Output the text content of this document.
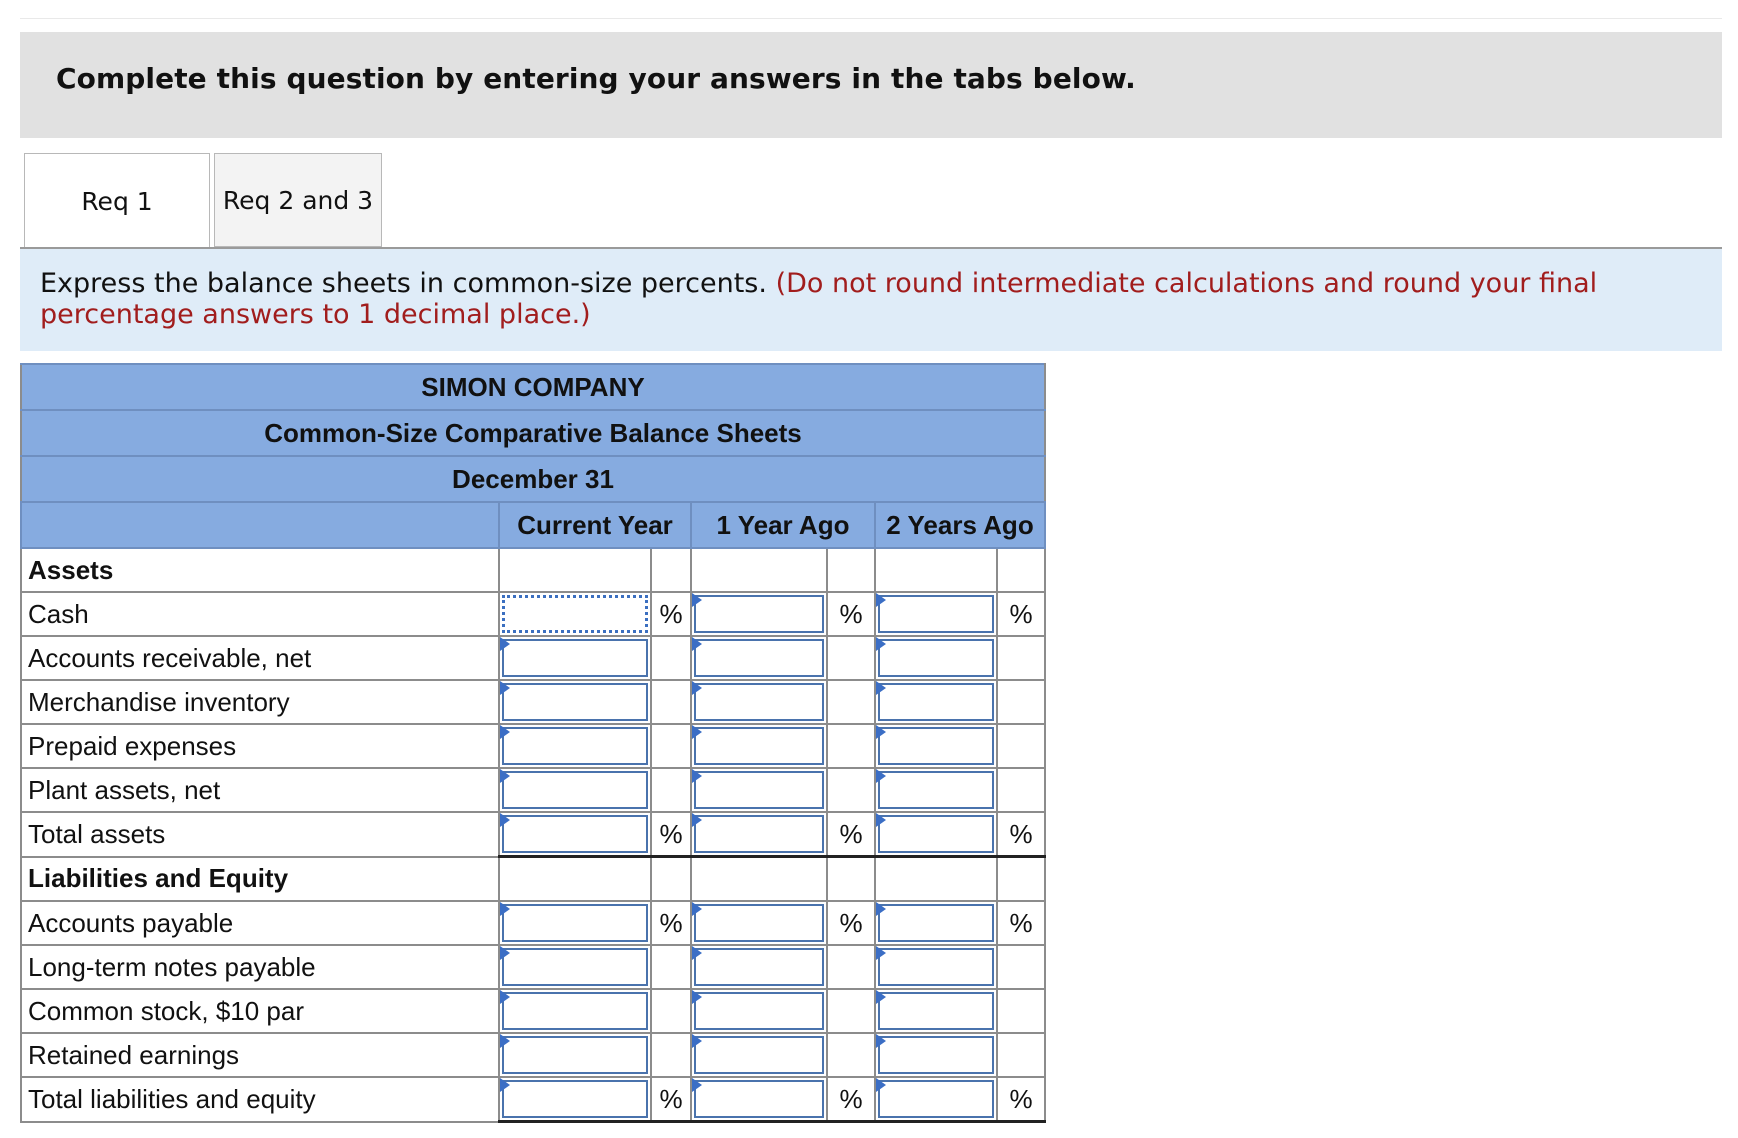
Complete this question by entering your answers in the tabs below.
Req 1	Req 2 and 3
Express the balance sheets in common-size percents. (Do not round intermediate calculations and round your final percentage answers to 1 decimal place.)
SIMON COMPANY						
Common-Size Comparative Balance Sheets						
December 31						
	Current Year		1 Year Ago		2 Years Ago	
Assets						
Cash		%		%		%
Accounts receivable, net	

Merchandise inventory	

Prepaid expenses	

Plant assets, net	

Total assets		%		%		%
Liabilities and Equity						
Accounts payable		%		%		%
Long-term notes payable	

Common stock, $10 par	

Retained earnings	

Total liabilities and equity		%		%		%
